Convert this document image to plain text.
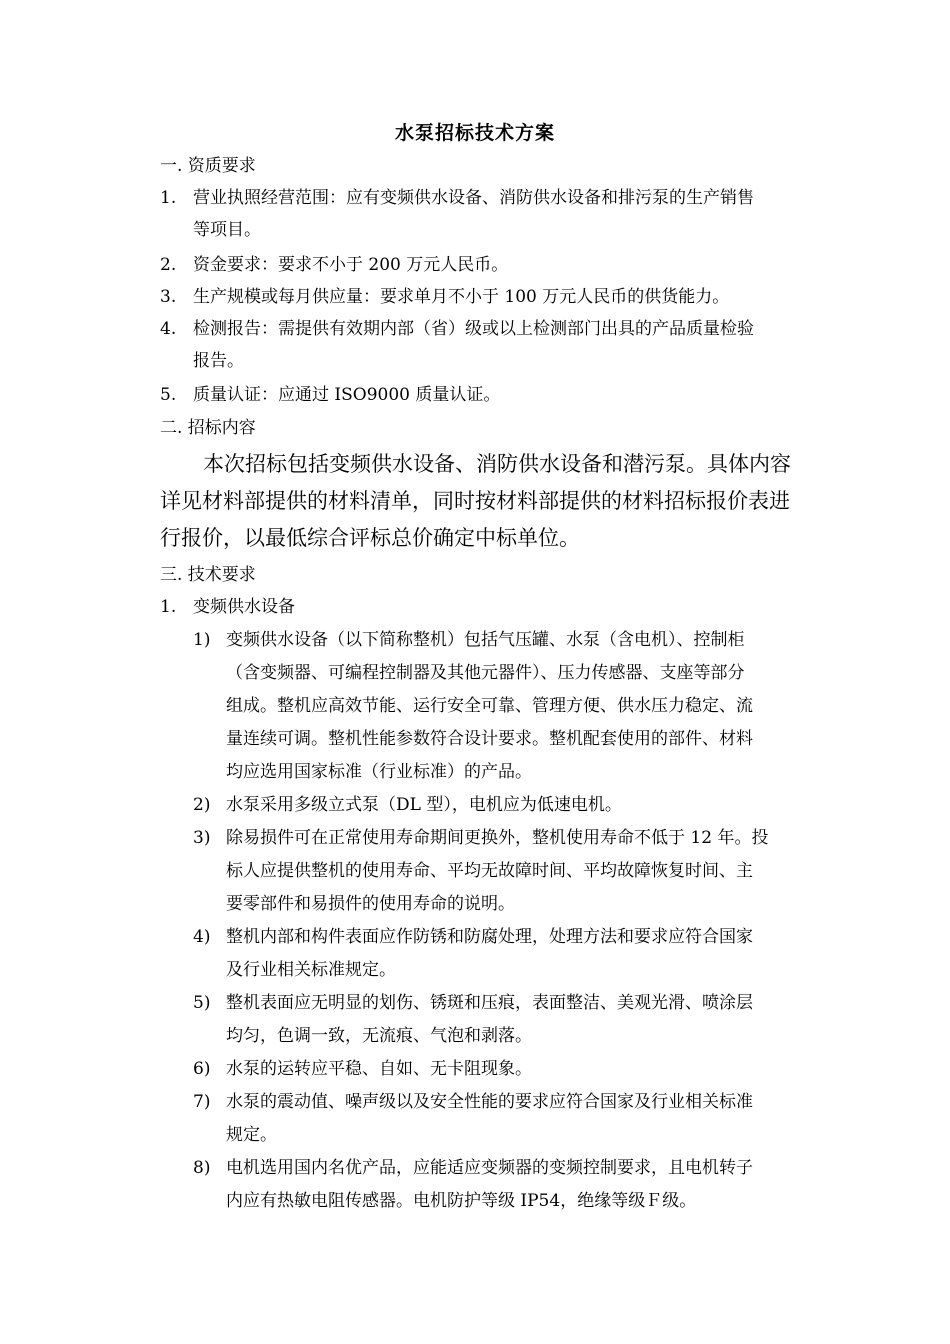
水泵招标技术方案
一. 资质要求
1. 营业执照经营范围：应有变频供水设备、消防供水设备和排污泵的生产销售
等项目。
2. 资金要求：要求不小于 200 万元人民币。
3. 生产规模或每月供应量：要求单月不小于 100 万元人民币的供货能力。
4. 检测报告：需提供有效期内部（省）级或以上检测部门出具的产品质量检验
报告。
5. 质量认证：应通过 ISO9000 质量认证。
二. 招标内容
本次招标包括变频供水设备、消防供水设备和潜污泵。具体内容
详见材料部提供的材料清单，同时按材料部提供的材料招标报价表进
行报价，以最低综合评标总价确定中标单位。
三. 技术要求
1. 变频供水设备
1) 变频供水设备（以下简称整机）包括气压罐、水泵（含电机）、控制柜
（含变频器、可编程控制器及其他元器件）、压力传感器、支座等部分
组成。整机应高效节能、运行安全可靠、管理方便、供水压力稳定、流
量连续可调。整机性能参数符合设计要求。整机配套使用的部件、材料
均应选用国家标准（行业标准）的产品。
2) 水泵采用多级立式泵（DL 型），电机应为低速电机。
3) 除易损件可在正常使用寿命期间更换外，整机使用寿命不低于 12 年。投
标人应提供整机的使用寿命、平均无故障时间、平均故障恢复时间、主
要零部件和易损件的使用寿命的说明。
4) 整机内部和构件表面应作防锈和防腐处理，处理方法和要求应符合国家
及行业相关标准规定。
5) 整机表面应无明显的划伤、锈斑和压痕，表面整洁、美观光滑、喷涂层
均匀，色调一致，无流痕、气泡和剥落。
6) 水泵的运转应平稳、自如、无卡阻现象。
7) 水泵的震动值、噪声级以及安全性能的要求应符合国家及行业相关标准
规定。
8) 电机选用国内名优产品，应能适应变频器的变频控制要求，且电机转子
内应有热敏电阻传感器。电机防护等级 IP54，绝缘等级Ｆ级。
